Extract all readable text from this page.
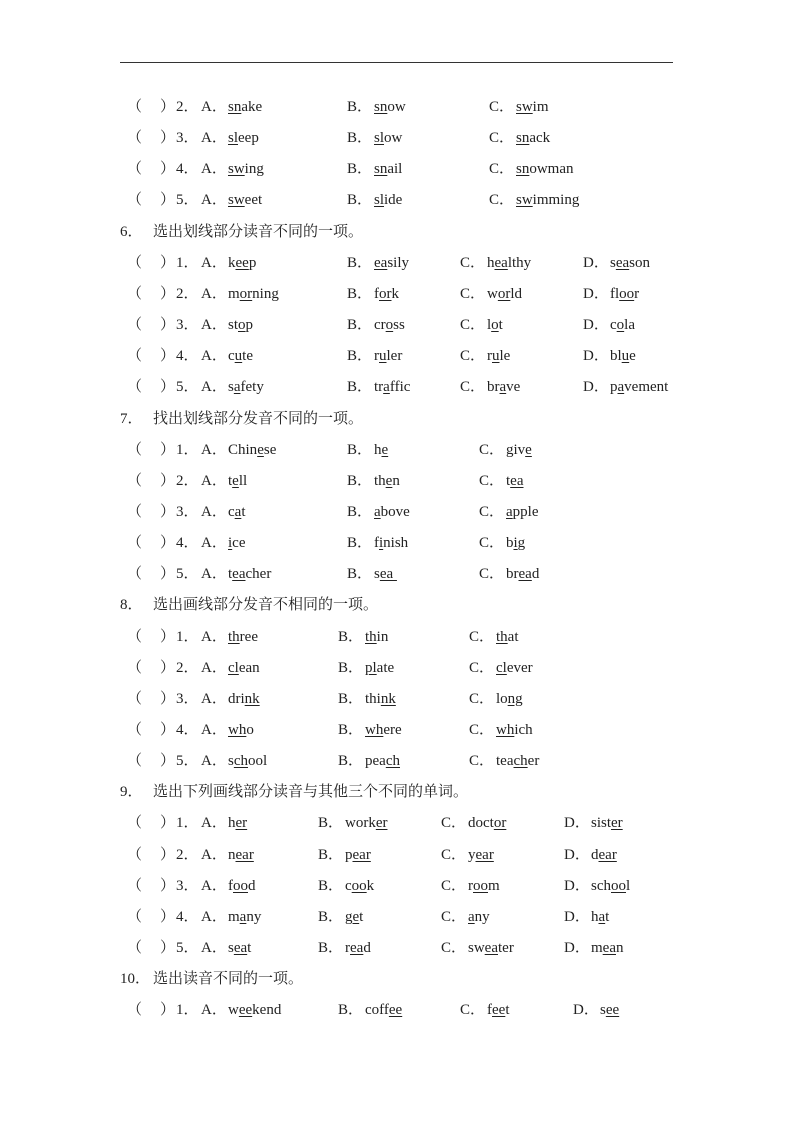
（ ） 2． A．snake	B． snow	C． swim
（ ） 3． A．sleep	B． slow	C． snack
（ ） 4． A．swing	B． snail	C． snowman
（ ） 5． A．sweet	B． slide	C． swimming
6． 选出划线部分读音不同的一项。
（ ） 1． A．keep	B． easily	C． healthy	D．season
（ ） 2． A．morning	B． fork	C． world	D．floor
（ ） 3． A．stop	B． cross	C． lot	D．cola
（ ） 4． A．cute	B． ruler	C． rule	D．blue
（ ） 5． A．safety	B． traffic	C． brave	D．pavement
7． 找出划线部分发音不同的一项。
（ ） 1． A．Chinese	B． he	C． give
（ ） 2． A．tell	B． then	C． tea
（ ） 3． A．cat	B． above	C． apple
（ ） 4． A．ice	B． finish	C． big
（ ） 5． A．teacher	B． sea	C． bread
8． 选出画线部分发音不相同的一项。
（ ） 1． A．three	B． thin	C． that
（ ） 2． A．clean	B． plate	C． clever
（ ） 3． A．drink	B． think	C． long
（ ） 4． A．who	B． where	C． which
（ ） 5． A．school	B． peach	C． teacher
9． 选出下列画线部分读音与其他三个不同的单词。
（ ） 1． A．her	B． worker	C． doctor	D．sister
（ ） 2． A．near	B． pear	C． year	D．dear
（ ） 3． A．food	B． cook	C． room	D．school
（ ） 4． A．many	B． get	C． any	D．hat
（ ） 5． A．seat	B． read	C． sweater	D．mean
10． 选出读音不同的一项。
（ ） 1． A．weekend	B． coffee	C． feet	D．see
